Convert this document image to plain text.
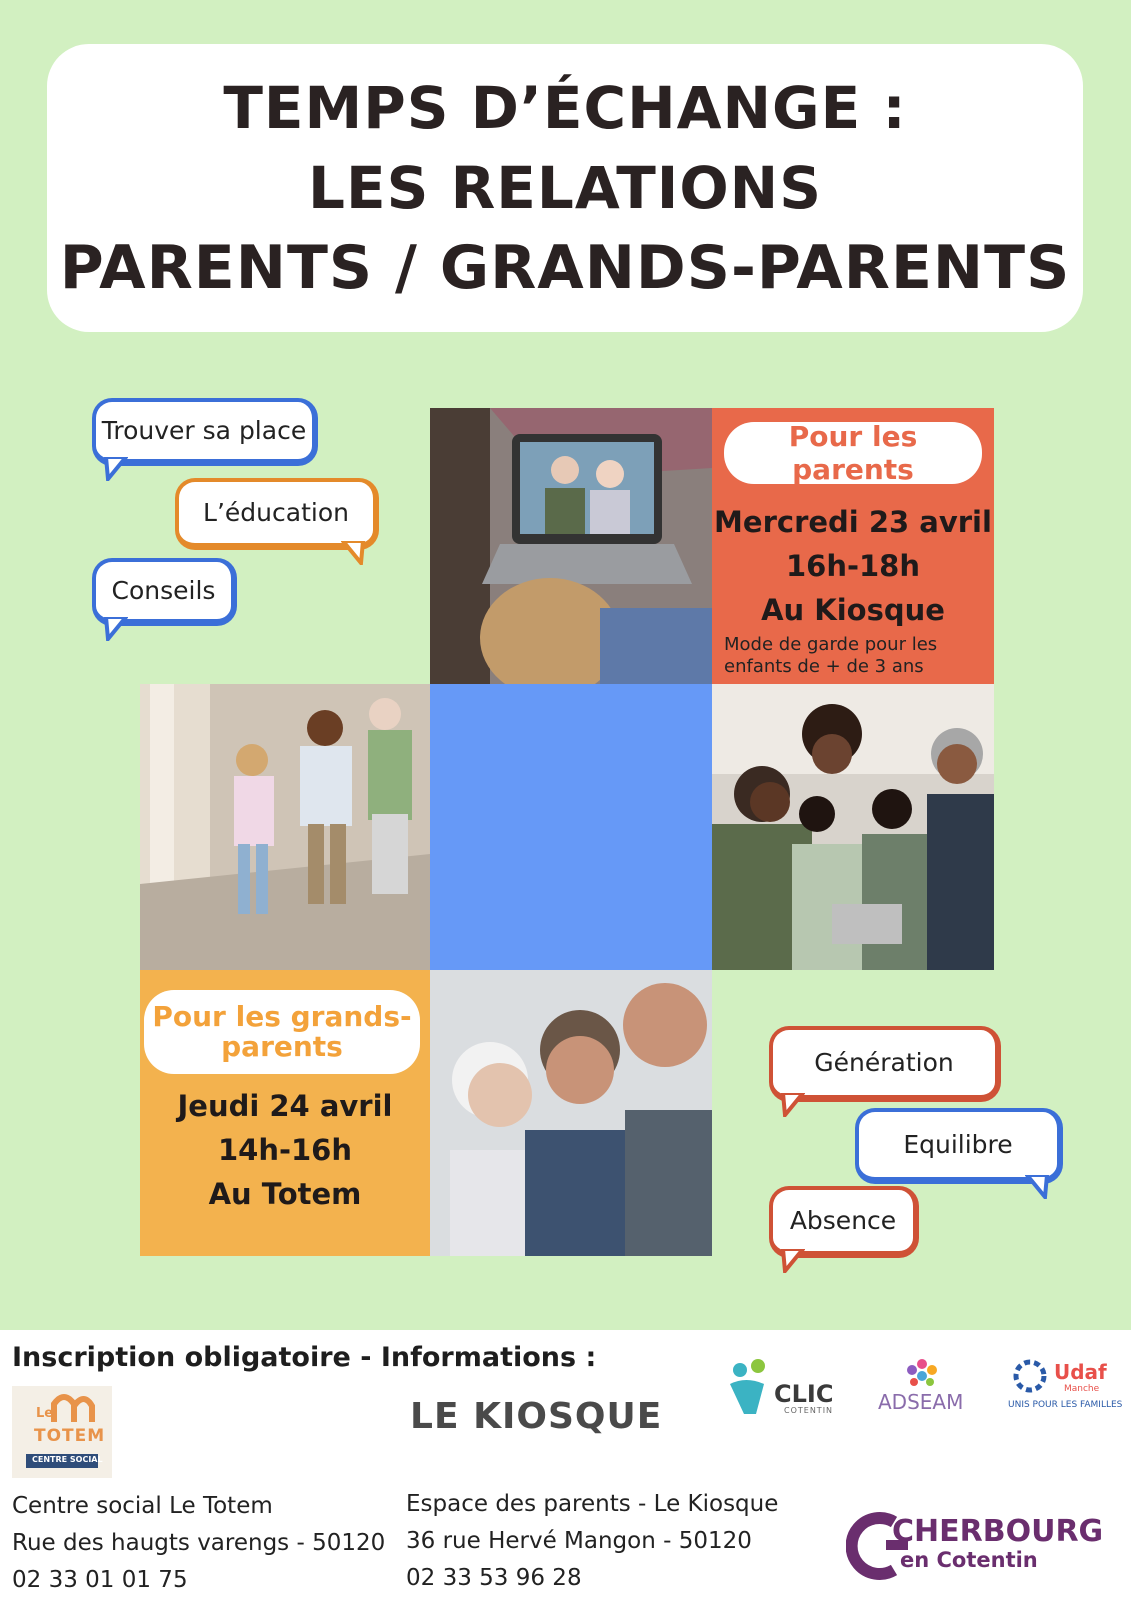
TEMPS D’ÉCHANGE :
LES RELATIONS
PARENTS / GRANDS-PARENTS
Trouver sa place
L’éducation
Conseils
Pour les parents
Mercredi 23 avril
16h-18h
Au Kiosque
Mode de garde pour les
enfants de + de 3 ans
Pour les grands-
parents
Jeudi 24 avril
14h-16h
Au Totem
Génération
Equilibre
Absence
Inscription obligatoire - Informations :
Le
TOTEM
CENTRE SOCIAL
LE KIOSQUE
CLIC
COTENTIN ADSEAM
Udaf
Manche
UNIS POUR LES FAMILLES
Centre social Le Totem
Rue des haugts varengs - 50120
02 33 01 01 75
Espace des parents - Le Kiosque
36 rue Hervé Mangon - 50120
02 33 53 96 28
CHERBOURG
en Cotentin
